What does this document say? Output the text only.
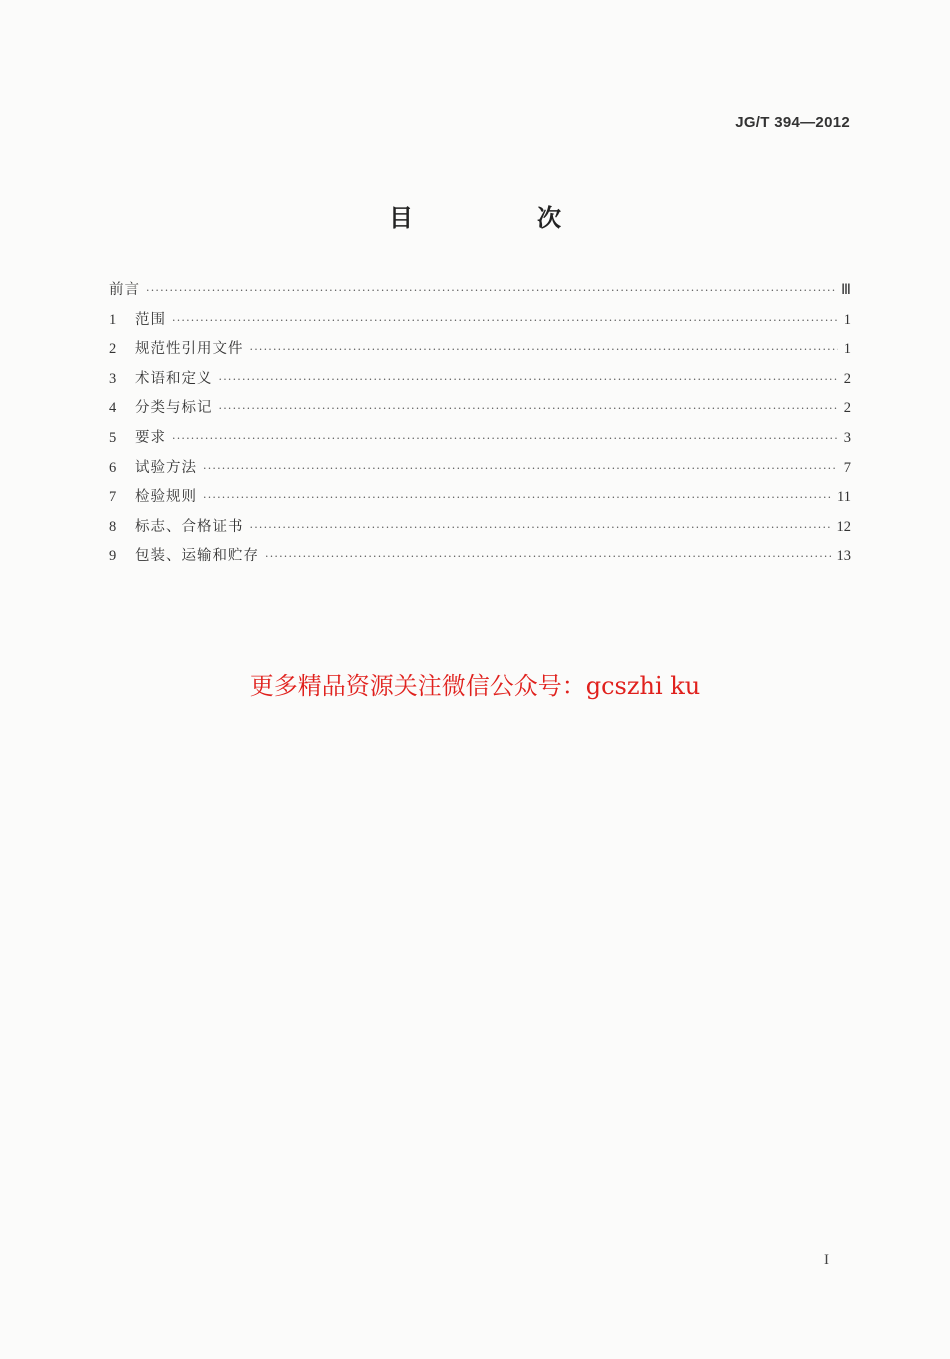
JG/T 394—2012
目　次
前言 ·····	Ⅲ
1	范围 ·····	1
2	规范性引用文件 ·····	1
3	术语和定义 ·····	2
4	分类与标记 ·····	2
5	要求 ·····	3
6	试验方法 ·····	7
7	检验规则 ·····	11
8	标志、合格证书 ·····	12
9	包装、运输和贮存 ·····	13
更多精品资源关注微信公众号：gcszhi ku
I
